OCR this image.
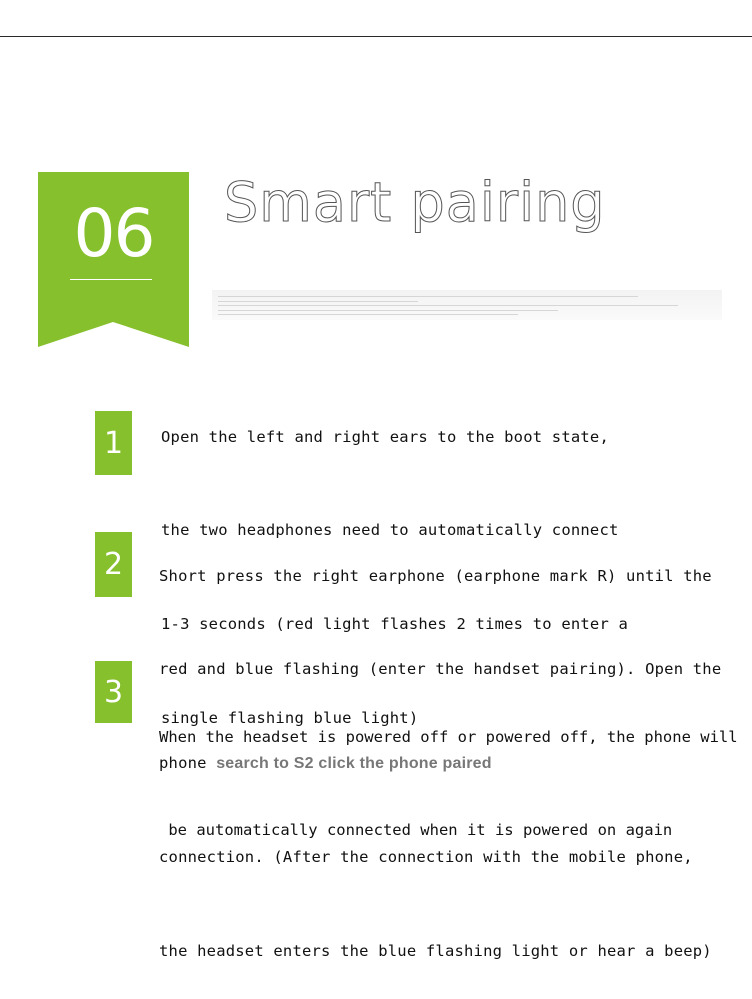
06	Smart pairing
1

	Open the left and right ears to the boot state,

the two headphones need to automatically connect

1-3 seconds (red light flashes 2 times to enter a

single flashing blue light)

2

	Short press the right earphone (earphone mark R) until the

red and blue flashing (enter the handset pairing). Open the

phone search to S2 click the phone paired

connection. (After the connection with the mobile phone,

the headset enters the blue flashing light or hear a beep)

3

When the headset is powered off or powered off, the phone will

be automatically connected when it is powered on again
